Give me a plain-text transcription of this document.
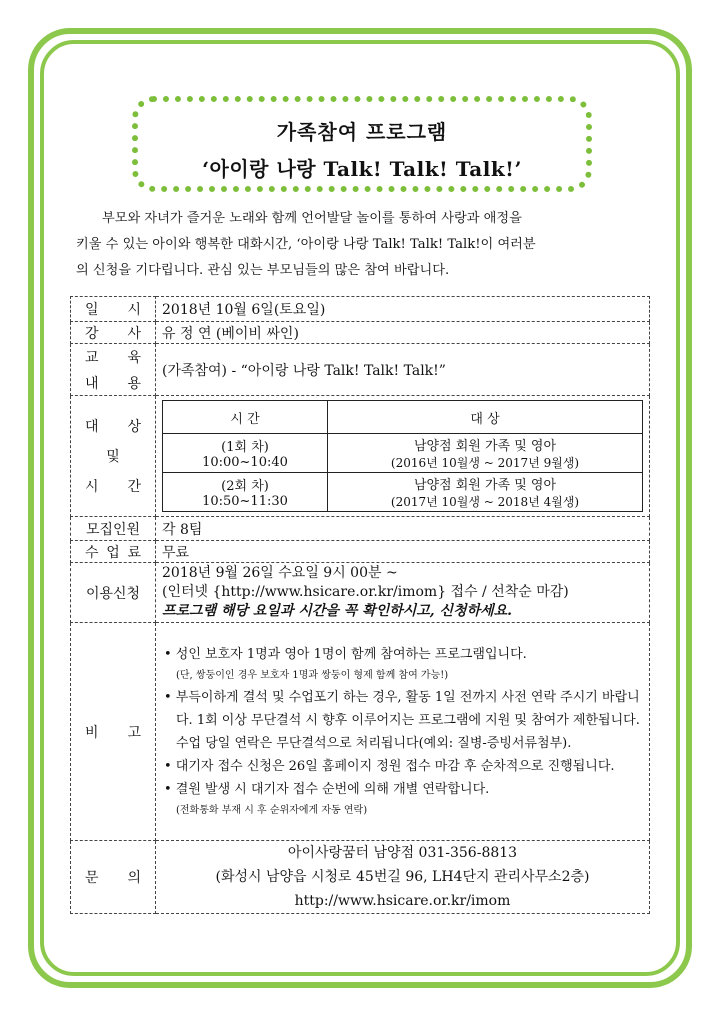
가족참여 프로그램
‘아이랑 나랑 Talk! Talk! Talk!’
부모와 자녀가 즐거운 노래와 함께 언어발달 놀이를 통하여 사랑과 애정을
키울 수 있는 아이와 행복한 대화시간, ‘아이랑 나랑 Talk! Talk! Talk!이 여러분
의 신청을 기다립니다. 관심 있는 부모님들의 많은 참여 바랍니다.
일 시	2018년 10월 6일(토요일)

강 사	유 정 연 (베이비 싸인)

교 육
내 용
	(가족참여) - “아이랑 나랑 Talk! Talk! Talk!”

대 상
및
시 간

시 간	대 상

(1회 차)
10:00~10:40

남양점 회원 가족 및 영아
(2016년 10월생 ~ 2017년 9월생)

(2회 차)
10:50~11:30

남양점 회원 가족 및 영아
(2017년 10월생 ~ 2018년 4월생)

모집인원	각 8팀

수 업 료	무료
이용신청	
2018년 9월 26일 수요일 9시 00분 ~
(인터넷 {http://www.hsicare.or.kr/imom} 접수 / 선착순 마감)
프로그램 해당 요일과 시간을 꼭 확인하시고, 신청하세요.

비 고

• 성인 보호자 1명과 영아 1명이 함께 참여하는 프로그램입니다.
(단, 쌍둥이인 경우 보호자 1명과 쌍둥이 형제 함께 참여 가능!)
• 부득이하게 결석 및 수업포기 하는 경우, 활동 1일 전까지 사전 연락 주시기 바랍니다. 1회 이상 무단결석 시 향후 이루어지는 프로그램에 지원 및 참여가 제한됩니다. 수업 당일 연락은 무단결석으로 처리됩니다(예외: 질병-증빙서류첨부).
• 대기자 접수 신청은 26일 홈페이지 정원 접수 마감 후 순차적으로 진행됩니다.
• 결원 발생 시 대기자 접수 순번에 의해 개별 연락합니다.
(전화통화 부재 시 후 순위자에게 자동 연락)

문 의

아이사랑꿈터 남양점 031-356-8813
(화성시 남양읍 시청로 45번길 96, LH4단지 관리사무소2층)
http://www.hsicare.or.kr/imom
